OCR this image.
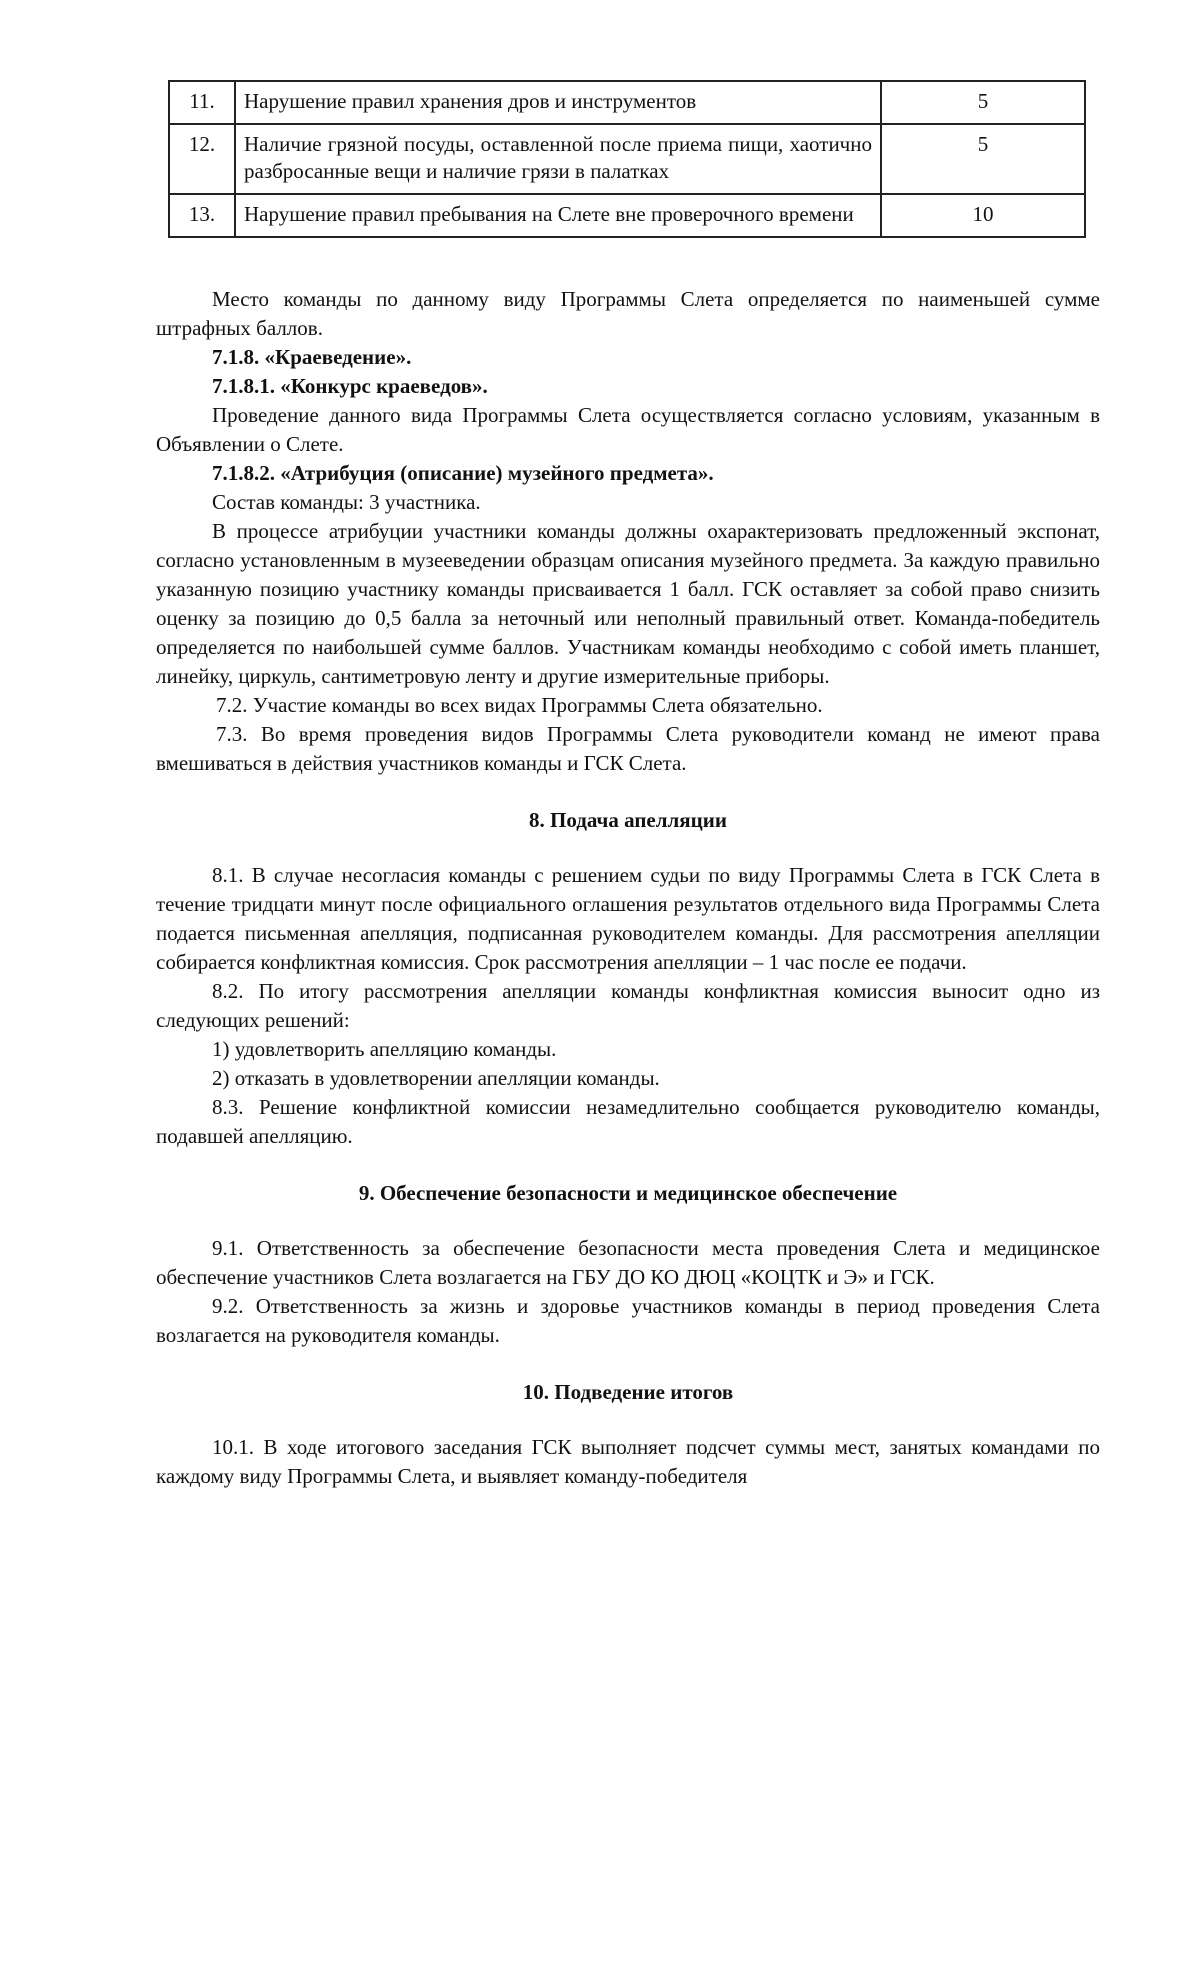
11.	Нарушение правил хранения дров и инструментов	5
12.	Наличие грязной посуды, оставленной после приема пищи, хаотично разбросанные вещи и наличие грязи в палатках	5
13.	Нарушение правил пребывания на Слете вне проверочного времени	10

Место команды по данному виду Программы Слета определяется по наименьшей сумме штрафных баллов.

7.1.8. «Краеведение».

7.1.8.1. «Конкурс краеведов».

Проведение данного вида Программы Слета осуществляется согласно условиям, указанным в Объявлении о Слете.

7.1.8.2. «Атрибуция (описание) музейного предмета».

Состав команды: 3 участника.

В процессе атрибуции участники команды должны охарактеризовать предложенный экспонат, согласно установленным в музееведении образцам описания музейного предмета. За каждую правильно указанную позицию участнику команды присваивается 1 балл. ГСК оставляет за собой право снизить оценку за позицию до 0,5 балла за неточный или неполный правильный ответ. Команда-победитель определяется по наибольшей сумме баллов. Участникам команды необходимо с собой иметь планшет, линейку, циркуль, сантиметровую ленту и другие измерительные приборы.

7.2. Участие команды во всех видах Программы Слета обязательно.

7.3. Во время проведения видов Программы Слета руководители команд не имеют права вмешиваться в действия участников команды и ГСК Слета.

8. Подача апелляции

8.1. В случае несогласия команды с решением судьи по виду Программы Слета в ГСК Слета в течение тридцати минут после официального оглашения результатов отдельного вида Программы Слета подается письменная апелляция, подписанная руководителем команды. Для рассмотрения апелляции собирается конфликтная комиссия. Срок рассмотрения апелляции – 1 час после ее подачи.

8.2. По итогу рассмотрения апелляции команды конфликтная комиссия выносит одно из следующих решений:

1) удовлетворить апелляцию команды.

2) отказать в удовлетворении апелляции команды.

8.3. Решение конфликтной комиссии незамедлительно сообщается руководителю команды, подавшей апелляцию.

9. Обеспечение безопасности и медицинское обеспечение

9.1. Ответственность за обеспечение безопасности места проведения Слета и медицинское обеспечение участников Слета возлагается на ГБУ ДО КО ДЮЦ «КОЦТК и Э» и ГСК.

9.2. Ответственность за жизнь и здоровье участников команды в период проведения Слета возлагается на руководителя команды.

10. Подведение итогов

10.1. В ходе итогового заседания ГСК выполняет подсчет суммы мест, занятых командами по каждому виду Программы Слета, и выявляет команду-победителя
